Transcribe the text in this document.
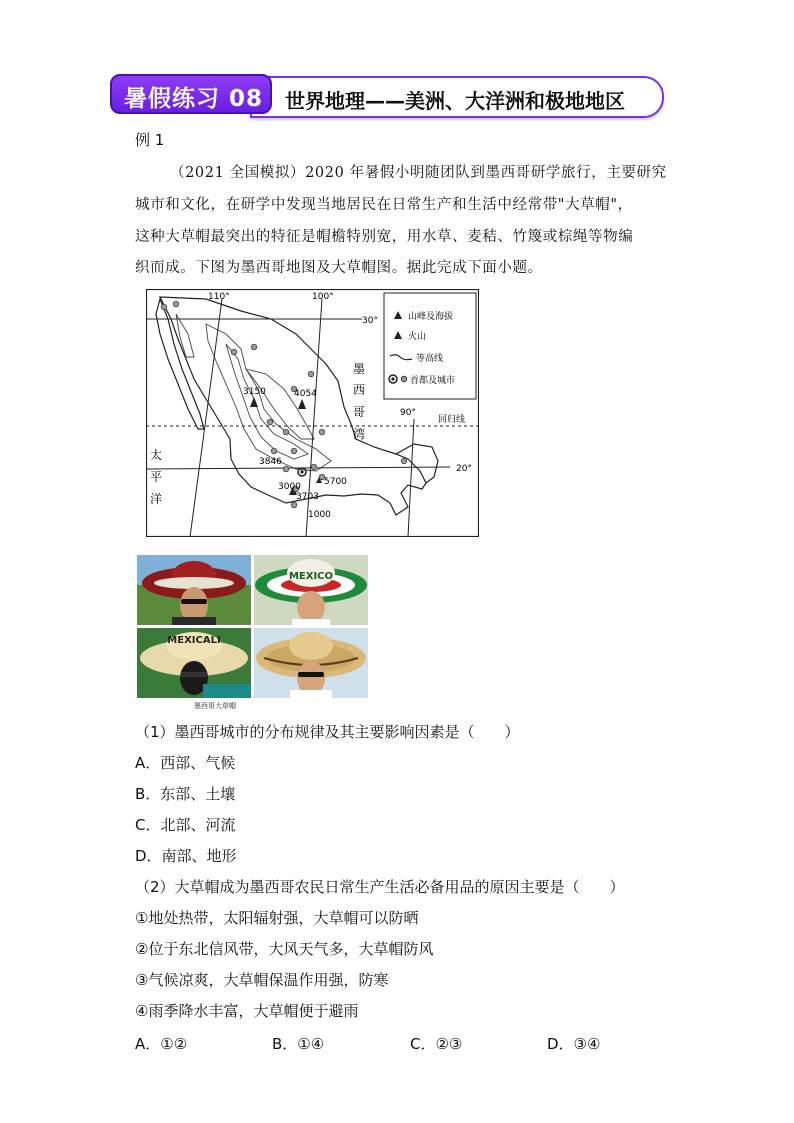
暑假练习 08 世界地理——美洲、大洋洲和极地地区
例 1
（2021 全国模拟）2020 年暑假小明随团队到墨西哥研学旅行，主要研究
城市和文化，在研学中发现当地居民在日常生产和生活中经常带"大草帽"，
这种大草帽最突出的特征是帽檐特别宽，用水草、麦秸、竹篾或棕绳等物编
织而成。下图为墨西哥地图及大草帽图。据此完成下面小题。
110°	100°
90°
30°
20°
回归线
墨
西
哥
湾
太
平
洋
3150	4054
3846
3000	5700
3703
1000
山峰及海拔
火山
等高线
首都及城市
MEXICO
MEXICALI
墨西哥大草帽
（1）墨西哥城市的分布规律及其主要影响因素是（　　）
A．西部、气候
B．东部、土壤
C．北部、河流
D．南部、地形
（2）大草帽成为墨西哥农民日常生产生活必备用品的原因主要是（　　）
①地处热带，太阳辐射强，大草帽可以防晒
②位于东北信风带，大风天气多，大草帽防风
③气候凉爽，大草帽保温作用强，防寒
④雨季降水丰富，大草帽便于避雨
A．①②	B．①④	C．②③	D．③④
